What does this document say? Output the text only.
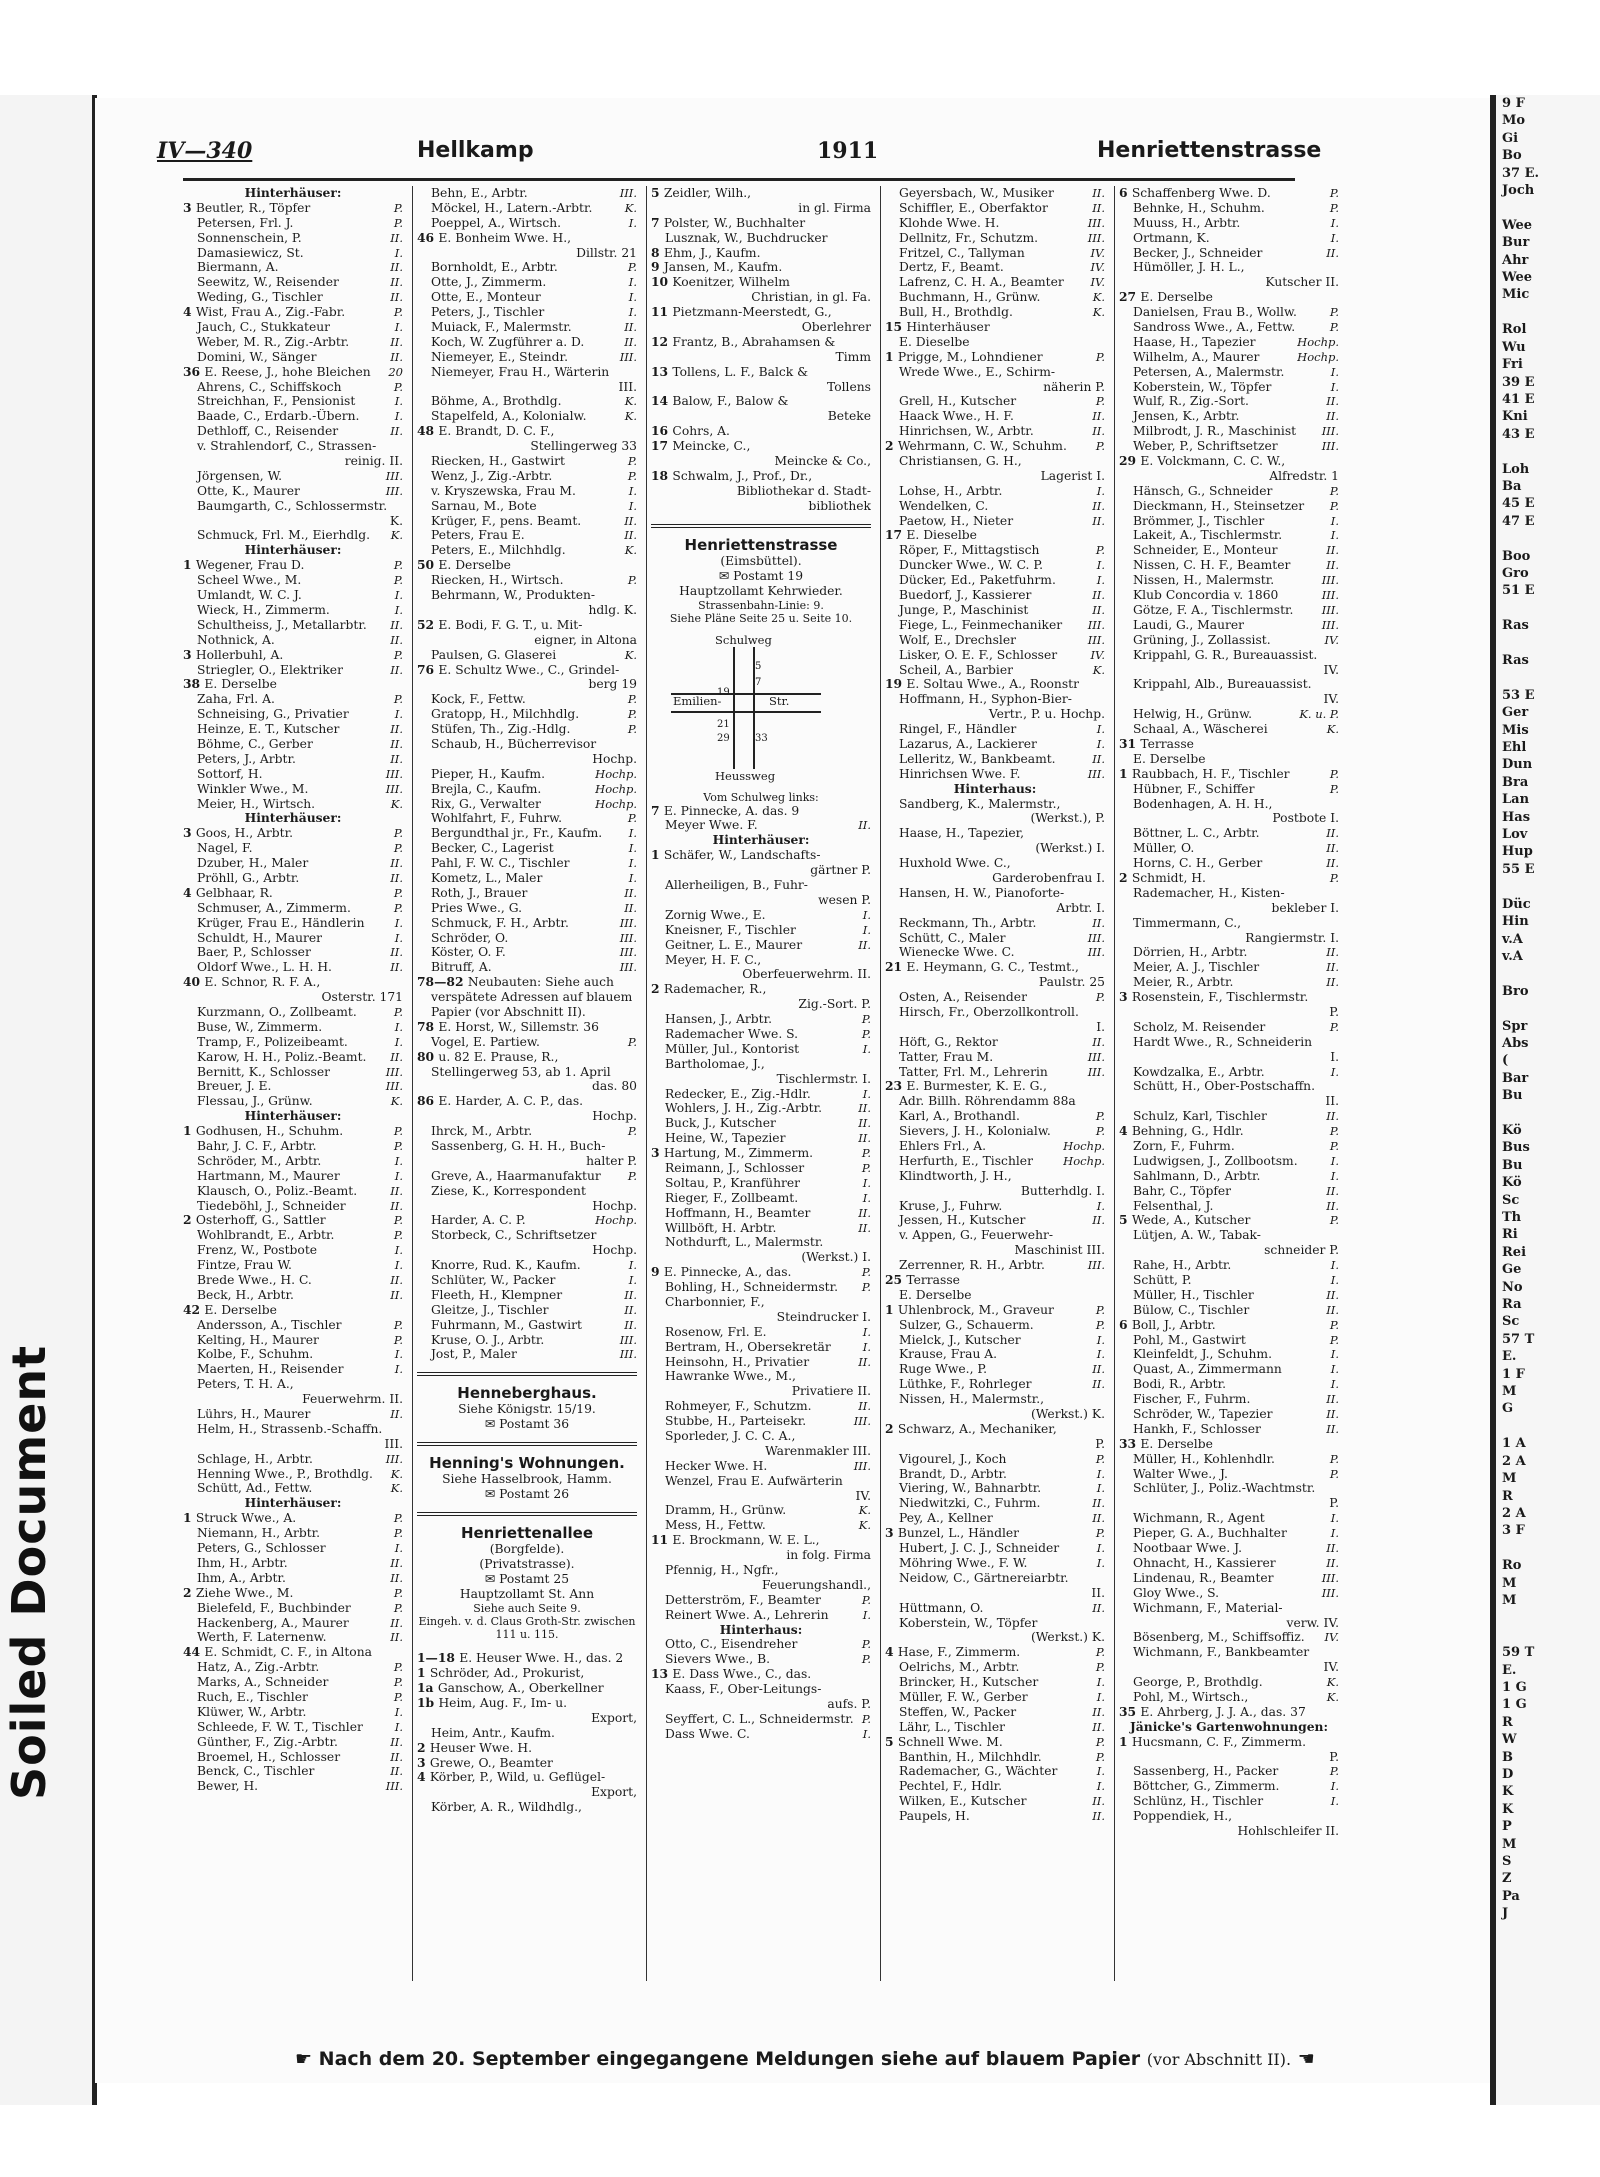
Soiled Document
IV—340	Hellkamp	1911	Henriettenstrasse
Hinterhäuser:
3 Beutler, R., Töpfer	P.
Petersen, Frl. J.	P.
Sonnenschein, P.	II.
Damasiewicz, St.	I.
Biermann, A.	II.
Seewitz, W., Reisender	II.
Weding, G., Tischler	II.
4 Wist, Frau A., Zig.-Fabr.	P.
Jauch, C., Stukkateur	I.
Weber, M. R., Zig.-Arbtr.	II.
Domini, W., Sänger	II.
36 E. Reese, J., hohe Bleichen 20
Ahrens, C., Schiffskoch	P.
Streichhan, F., Pensionist	I.
Baade, C., Erdarb.-Übern.	I.
Dethloff, C., Reisender	II.
v. Strahlendorf, C., Strassen-
reinig. II.
Jörgensen, W.	III.
Otte, K., Maurer	III.
Baumgarth, C., Schlossermstr.
K.
Schmuck, Frl. M., Eierhdlg. K.
Hinterhäuser:
1 Wegener, Frau D.	P.
Scheel Wwe., M.	P.
Umlandt, W. C. J.	I.
Wieck, H., Zimmerm.	I.
Schultheiss, J., Metallarbtr. II.
Nothnick, A.	II.
3 Hollerbuhl, A.	P.
Striegler, O., Elektriker	II.
38 E. Derselbe
Zaha, Frl. A.	P.
Schneising, G., Privatier	I.
Heinze, E. T., Kutscher	II.
Böhme, C., Gerber	II.
Peters, J., Arbtr.	II.
Sottorf, H.	III.
Winkler Wwe., M.	III.
Meier, H., Wirtsch.	K.
Hinterhäuser:
3 Goos, H., Arbtr.	P.
Nagel, F.	P.
Dzuber, H., Maler	II.
Pröhll, G., Arbtr.	II.
4 Gelbhaar, R.	P.
Schmuser, A., Zimmerm.	P.
Krüger, Frau E., Händlerin	I.
Schuldt, H., Maurer	I.
Baer, P., Schlosser	II.
Oldorf Wwe., L. H. H.	II.
40 E. Schnor, R. F. A.,
Osterstr. 171
Kurzmann, O., Zollbeamt.	P.
Buse, W., Zimmerm.	I.
Tramp, F., Polizeibeamt.	I.
Karow, H. H., Poliz.-Beamt. II.
Bernitt, K., Schlosser	III.
Breuer, J. E.	III.
Flessau, J., Grünw.	K.
Hinterhäuser:
1 Godhusen, H., Schuhm.	P.
Bahr, J. C. F., Arbtr.	P.
Schröder, M., Arbtr.	I.
Hartmann, M., Maurer	I.
Klausch, O., Poliz.-Beamt.	II.
Tiedeböhl, J., Schneider	II.
2 Osterhoff, G., Sattler	P.
Wohlbrandt, E., Arbtr.	P.
Frenz, W., Postbote	I.
Fintze, Frau W.	I.
Brede Wwe., H. C.	II.
Beck, H., Arbtr.	II.
42 E. Derselbe
Andersson, A., Tischler	P.
Kelting, H., Maurer	P.
Kolbe, F., Schuhm.	I.
Maerten, H., Reisender	I.
Peters, T. H. A.,
Feuerwehrm. II.
Lührs, H., Maurer	II.
Helm, H., Strassenb.-Schaffn.
III.
Schlage, H., Arbtr.	III.
Henning Wwe., P., Brothdlg. K.
Schütt, Ad., Fettw.	K.
Hinterhäuser:
1 Struck Wwe., A.	P.
Niemann, H., Arbtr.	P.
Peters, G., Schlosser	I.
Ihm, H., Arbtr.	II.
Ihm, A., Arbtr.	II.
2 Ziehe Wwe., M.	P.
Bielefeld, F., Buchbinder	P.
Hackenberg, A., Maurer	II.
Werth, F. Laternenw.	II.
44 E. Schmidt, C. F., in Altona
Hatz, A., Zig.-Arbtr.	P.
Marks, A., Schneider	P.
Ruch, E., Tischler	P.
Klüwer, W., Arbtr.	I.
Schleede, F. W. T., Tischler	I.
Günther, F., Zig.-Arbtr.	II.
Broemel, H., Schlosser	II.
Benck, C., Tischler	II.
Bewer, H.	III.
Behn, E., Arbtr.	III.
Möckel, H., Latern.-Arbtr.	K.
Poeppel, A., Wirtsch.	I.
46 E. Bonheim Wwe. H.,
Dillstr. 21
Bornholdt, E., Arbtr.	P.
Otte, J., Zimmerm.	I.
Otte, E., Monteur	I.
Peters, J., Tischler	I.
Muiack, F., Malermstr.	II.
Koch, W. Zugführer a. D.	II.
Niemeyer, E., Steindr.	III.
Niemeyer, Frau H., Wärterin
III.
Böhme, A., Brothdlg.	K.
Stapelfeld, A., Kolonialw.	K.
48 E. Brandt, D. C. F.,
Stellingerweg 33
Riecken, H., Gastwirt	P.
Wenz, J., Zig.-Arbtr.	P.
v. Kryszewska, Frau M.	I.
Sarnau, M., Bote	I.
Krüger, F., pens. Beamt.	II.
Peters, Frau E.	II.
Peters, E., Milchhdlg.	K.
50 E. Derselbe
Riecken, H., Wirtsch.	P.
Behrmann, W., Produkten-
hdlg. K.
52 E. Bodi, F. G. T., u. Mit-
eigner, in Altona
Paulsen, G. Glaserei	K.
76 E. Schultz Wwe., C., Grindel-
berg 19
Kock, F., Fettw.	P.
Gratopp, H., Milchhdlg.	P.
Stüfen, Th., Zig.-Hdlg.	P.
Schaub, H., Bücherrevisor
Hochp.
Pieper, H., Kaufm.	Hochp.
Brejla, C., Kaufm.	Hochp.
Rix, G., Verwalter	Hochp.
Wohlfahrt, F., Fuhrw.	P.
Bergundthal jr., Fr., Kaufm. I.
Becker, C., Lagerist	I.
Pahl, F. W. C., Tischler	I.
Kometz, L., Maler	I.
Roth, J., Brauer	II.
Pries Wwe., G.	II.
Schmuck, F. H., Arbtr.	III.
Schröder, O.	III.
Köster, O. F.	III.
Bitruff, A.	III.
78—82 Neubauten: Siehe auch
verspätete Adressen auf blauem
Papier (vor Abschnitt II).
78 E. Horst, W., Sillemstr. 36
Vogel, E. Partiew.	P.
80 u. 82 E. Prause, R.,
Stellingerweg 53, ab 1. April
das. 80
86 E. Harder, A. C. P., das.
Hochp.
Ihrck, M., Arbtr.	P.
Sassenberg, G. H. H., Buch-
halter P.
Greve, A., Haarmanufaktur P.
Ziese, K., Korrespondent
Hochp.
Harder, A. C. P.	Hochp.
Storbeck, C., Schriftsetzer
Hochp.
Knorre, Rud. K., Kaufm.	I.
Schlüter, W., Packer	I.
Fleeth, H., Klempner	II.
Gleitze, J., Tischler	II.
Fuhrmann, M., Gastwirt	II.
Kruse, O. J., Arbtr.	III.
Jost, P., Maler	III.
Henneberghaus.
Siehe Königstr. 15/19.
✉ Postamt 36
Henning's Wohnungen.
Siehe Hasselbrook, Hamm.
✉ Postamt 26
Henriettenallee
(Borgfelde).
(Privatstrasse).
✉ Postamt 25
Hauptzollamt St. Ann
Siehe auch Seite 9.
Eingeh. v. d. Claus Groth-Str. zwischen
111 u. 115.
1—18 E. Heuser Wwe. H., das. 2
1 Schröder, Ad., Prokurist,
1a Ganschow, A., Oberkellner
1b Heim, Aug. F., Im- u.
Export,
Heim, Antr., Kaufm.
2 Heuser Wwe. H.
3 Grewe, O., Beamter
4 Körber, P., Wild, u. Geflügel-
Export,
Körber, A. R., Wildhdlg.,
5 Zeidler, Wilh.,
in gl. Firma
7 Polster, W., Buchhalter
Lusznak, W., Buchdrucker
8 Ehm, J., Kaufm.
9 Jansen, M., Kaufm.
10 Koenitzer, Wilhelm
Christian, in gl. Fa.
11 Pietzmann-Meerstedt, G.,
Oberlehrer
12 Frantz, B., Abrahamsen &
Timm
13 Tollens, L. F., Balck &
Tollens
14 Balow, F., Balow &
Beteke
16 Cohrs, A.
17 Meincke, C.,
Meincke & Co.,
18 Schwalm, J., Prof., Dr.,
Bibliothekar d. Stadt-
bibliothek
Henriettenstrasse
(Eimsbüttel).
✉ Postamt 19
Hauptzollamt Kehrwieder.
Strassenbahn-Linie: 9.
Siehe Pläne Seite 25 u. Seite 10.
Schulweg
Emilien-	Str.
5
7
19
21
29	33
Heussweg
Vom Schulweg links:
7 E. Pinnecke, A. das. 9
Meyer Wwe. F.	II.
Hinterhäuser:
1 Schäfer, W., Landschafts-
gärtner P.
Allerheiligen, B., Fuhr-
wesen P.
Zornig Wwe., E.	I.
Kneisner, F., Tischler	I.
Geitner, L. E., Maurer	II.
Meyer, H. F. C.,
Oberfeuerwehrm. II.
2 Rademacher, R.,
Zig.-Sort. P.
Hansen, J., Arbtr.	P.
Rademacher Wwe. S.	P.
Müller, Jul., Kontorist	I.
Bartholomae, J.,
Tischlermstr. I.
Redecker, E., Zig.-Hdlr.	I.
Wohlers, J. H., Zig.-Arbtr.	II.
Buck, J., Kutscher	II.
Heine, W., Tapezier	II.
3 Hartung, M., Zimmerm.	P.
Reimann, J., Schlosser	P.
Soltau, P., Kranführer	I.
Rieger, F., Zollbeamt.	I.
Hoffmann, H., Beamter	II.
Willböft, H. Arbtr.	II.
Nothdurft, L., Malermstr.
(Werkst.) I.
9 E. Pinnecke, A., das.	P.
Bohling, H., Schneidermstr. P.
Charbonnier, F.,
Steindrucker I.
Rosenow, Frl. E.	I.
Bertram, H., Obersekretär	I.
Heinsohn, H., Privatier	II.
Hawranke Wwe., M.,
Privatiere II.
Rohmeyer, F., Schutzm.	II.
Stubbe, H., Parteisekr.	III.
Sporleder, J. C. C. A.,
Warenmakler III.
Hecker Wwe. H.	III.
Wenzel, Frau E. Aufwärterin
IV.
Dramm, H., Grünw.	K.
Mess, H., Fettw.	K.
11 E. Brockmann, W. E. L.,
in folg. Firma
Pfennig, H., Ngfr.,
Feuerungshandl.,
Detterström, F., Beamter	P.
Reinert Wwe. A., Lehrerin	I.
Hinterhaus:
Otto, C., Eisendreher	P.
Sievers Wwe., B.	P.
13 E. Dass Wwe., C., das.
Kaass, F., Ober-Leitungs-
aufs. P.
Seyffert, C. L., Schneidermstr. P.
Dass Wwe. C.	I.
Geyersbach, W., Musiker	II.
Schiffler, E., Oberfaktor	II.
Klohde Wwe. H.	III.
Dellnitz, Fr., Schutzm.	III.
Fritzel, C., Tallyman	IV.
Dertz, F., Beamt.	IV.
Lafrenz, C. H. A., Beamter IV.
Buchmann, H., Grünw.	K.
Bull, H., Brothdlg.	K.
15 Hinterhäuser
E. Dieselbe
1 Prigge, M., Lohndiener	P.
Wrede Wwe., E., Schirm-
näherin P.
Grell, H., Kutscher	P.
Haack Wwe., H. F.	II.
Hinrichsen, W., Arbtr.	II.
2 Wehrmann, C. W., Schuhm.	P.
Christiansen, G. H.,
Lagerist I.
Lohse, H., Arbtr.	I.
Wendelken, C.	II.
Paetow, H., Nieter	II.
17 E. Dieselbe
Röper, F., Mittagstisch	P.
Duncker Wwe., W. C. P.	I.
Dücker, Ed., Paketfuhrm.	I.
Buedorf, J., Kassierer	II.
Junge, P., Maschinist	II.
Fiege, L., Feinmechaniker III.
Wolf, E., Drechsler	III.
Lisker, O. E. F., Schlosser	IV.
Scheil, A., Barbier	K.
19 E. Soltau Wwe., A., Roonstr
Hoffmann, H., Syphon-Bier-
Vertr., P. u. Hochp.
Ringel, F., Händler	I.
Lazarus, A., Lackierer	I.
Lelleritz, W., Bankbeamt.	II.
Hinrichsen Wwe. F.	III.
Hinterhaus:
Sandberg, K., Malermstr.,
(Werkst.), P.
Haase, H., Tapezier,
(Werkst.) I.
Huxhold Wwe. C.,
Garderobenfrau I.
Hansen, H. W., Pianoforte-
Arbtr. I.
Reckmann, Th., Arbtr.	II.
Schütt, C., Maler	III.
Wienecke Wwe. C.	III.
21 E. Heymann, G. C., Testmt.,
Paulstr. 25
Osten, A., Reisender	P.
Hirsch, Fr., Oberzollkontroll.
I.
Höft, G., Rektor	II.
Tatter, Frau M.	III.
Tatter, Frl. M., Lehrerin	III.
23 E. Burmester, K. E. G.,
Adr. Billh. Röhrendamm 88a
Karl, A., Brothandl.	P.
Sievers, J. H., Kolonialw.	P.
Ehlers Frl., A.	Hochp.
Herfurth, E., Tischler	Hochp.
Klindtworth, J. H.,
Butterhdlg. I.
Kruse, J., Fuhrw.	I.
Jessen, H., Kutscher	II.
v. Appen, G., Feuerwehr-
Maschinist III.
Zerrenner, R. H., Arbtr.	III.
25 Terrasse
E. Derselbe
1 Uhlenbrock, M., Graveur	P.
Sulzer, G., Schauerm.	P.
Mielck, J., Kutscher	I.
Krause, Frau A.	I.
Ruge Wwe., P.	II.
Lüthke, F., Rohrleger	II.
Nissen, H., Malermstr.,
(Werkst.) K.
2 Schwarz, A., Mechaniker,
P.
Vigourel, J., Koch	P.
Brandt, D., Arbtr.	I.
Viering, W., Bahnarbtr.	I.
Niedwitzki, C., Fuhrm.	II.
Pey, A., Kellner	II.
3 Bunzel, L., Händler	P.
Hubert, J. C. J., Schneider	I.
Möhring Wwe., F. W.	I.
Neidow, C., Gärtnereiarbtr.
II.
Hüttmann, O.	II.
Koberstein, W., Töpfer
(Werkst.) K.
4 Hase, F., Zimmerm.	P.
Oelrichs, M., Arbtr.	P.
Brincker, H., Kutscher	I.
Müller, F. W., Gerber	I.
Steffen, W., Packer	II.
Lähr, L., Tischler	II.
5 Schnell Wwe. M.	P.
Banthin, H., Milchhdlr.	P.
Rademacher, G., Wächter	I.
Pechtel, F., Hdlr.	I.
Wilken, E., Kutscher	II.
Paupels, H.	II.
6 Schaffenberg Wwe. D.	P.
Behnke, H., Schuhm.	P.
Muuss, H., Arbtr.	I.
Ortmann, K.	I.
Becker, J., Schneider	II.
Hümöller, J. H. L.,
Kutscher II.
27 E. Derselbe
Danielsen, Frau B., Wollw.	P.
Sandross Wwe., A., Fettw.	P.
Haase, H., Tapezier	Hochp.
Wilhelm, A., Maurer	Hochp.
Petersen, A., Malermstr.	I.
Koberstein, W., Töpfer	I.
Wulf, R., Zig.-Sort.	II.
Jensen, K., Arbtr.	II.
Milbrodt, J. R., Maschinist III.
Weber, P., Schriftsetzer	III.
29 E. Volckmann, C. C. W.,
Alfredstr. 1
Hänsch, G., Schneider	P.
Dieckmann, H., Steinsetzer P.
Brömmer, J., Tischler	I.
Lakeit, A., Tischlermstr.	I.
Schneider, E., Monteur	II.
Nissen, C. H. F., Beamter	II.
Nissen, H., Malermstr.	III.
Klub Concordia v. 1860	III.
Götze, F. A., Tischlermstr. III.
Laudi, G., Maurer	III.
Grüning, J., Zollassist.	IV.
Krippahl, G. R., Bureauassist.
IV.
Krippahl, Alb., Bureauassist.
IV.
Helwig, H., Grünw.	K. u. P.
Schaal, A., Wäscherei	K.
31 Terrasse
E. Derselbe
1 Raubbach, H. F., Tischler	P.
Hübner, F., Schiffer	P.
Bodenhagen, A. H. H.,
Postbote I.
Böttner, L. C., Arbtr.	II.
Müller, O.	II.
Horns, C. H., Gerber	II.
2 Schmidt, H.	P.
Rademacher, H., Kisten-
bekleber I.
Timmermann, C.,
Rangiermstr. I.
Dörrien, H., Arbtr.	II.
Meier, A. J., Tischler	II.
Meier, R., Arbtr.	II.
3 Rosenstein, F., Tischlermstr.
P.
Scholz, M. Reisender	P.
Hardt Wwe., R., Schneiderin
I.
Kowdzalka, E., Arbtr.	I.
Schütt, H., Ober-Postschaffn.
II.
Schulz, Karl, Tischler	II.
4 Behning, G., Hdlr.	P.
Zorn, F., Fuhrm.	P.
Ludwigsen, J., Zollbootsm.	I.
Sahlmann, D., Arbtr.	I.
Bahr, C., Töpfer	II.
Felsenthal, J.	II.
5 Wede, A., Kutscher	P.
Lütjen, A. W., Tabak-
schneider P.
Rahe, H., Arbtr.	I.
Schütt, P.	I.
Müller, H., Tischler	II.
Bülow, C., Tischler	II.
6 Boll, J., Arbtr.	P.
Pohl, M., Gastwirt	P.
Kleinfeldt, J., Schuhm.	I.
Quast, A., Zimmermann	I.
Bodi, R., Arbtr.	I.
Fischer, F., Fuhrm.	II.
Schröder, W., Tapezier	II.
Hankh, F., Schlosser	II.
33 E. Derselbe
Müller, H., Kohlenhdlr.	P.
Walter Wwe., J.	P.
Schlüter, J., Poliz.-Wachtmstr.
P.
Wichmann, R., Agent	I.
Pieper, G. A., Buchhalter	I.
Nootbaar Wwe. J.	II.
Ohnacht, H., Kassierer	II.
Lindenau, R., Beamter	III.
Gloy Wwe., S.	III.
Wichmann, F., Material-
verw. IV.
Bösenberg, M., Schiffsoffiz. IV.
Wichmann, F., Bankbeamter
IV.
George, P., Brothdlg.	K.
Pohl, M., Wirtsch.,	K.
35 E. Ahrberg, J. J. A., das. 37
Jänicke's Gartenwohnungen:
1 Hucsmann, C. F., Zimmerm.
P.
Sassenberg, H., Packer	P.
Böttcher, G., Zimmerm.	I.
Schlünz, H., Tischler	I.
Poppendiek, H.,
Hohlschleifer II.
☛ Nach dem 20. September eingegangene Meldungen siehe auf blauem Papier (vor Abschnitt II). ☚
9 F
Mo
Gi
Bo
37 E.
Joch

Wee
Bur
Ahr
Wee
Mic

Rol
Wu
Fri
39 E
41 E
Kni
43 E

Loh
Ba
45 E
47 E

Boo
Gro
51 E

Ras

Ras

53 E
Ger
Mis
Ehl
Dun
Bra
Lan
Has
Lov
Hup
55 E

Düc
Hin
v.A
v.A

Bro

Spr
Abs
(
Bar
Bu

Kö
Bus
Bu
Kö
Sc
Th
Ri
Rei
Ge
No
Ra
Sc
57 T
E.
1 F
M
G

1 A
2 A
M
R
2 A
3 F

Ro
M
M

59 T
E.
1 G
1 G
R
W
B
D
K
K
P
M
S
Z
Pa
J
